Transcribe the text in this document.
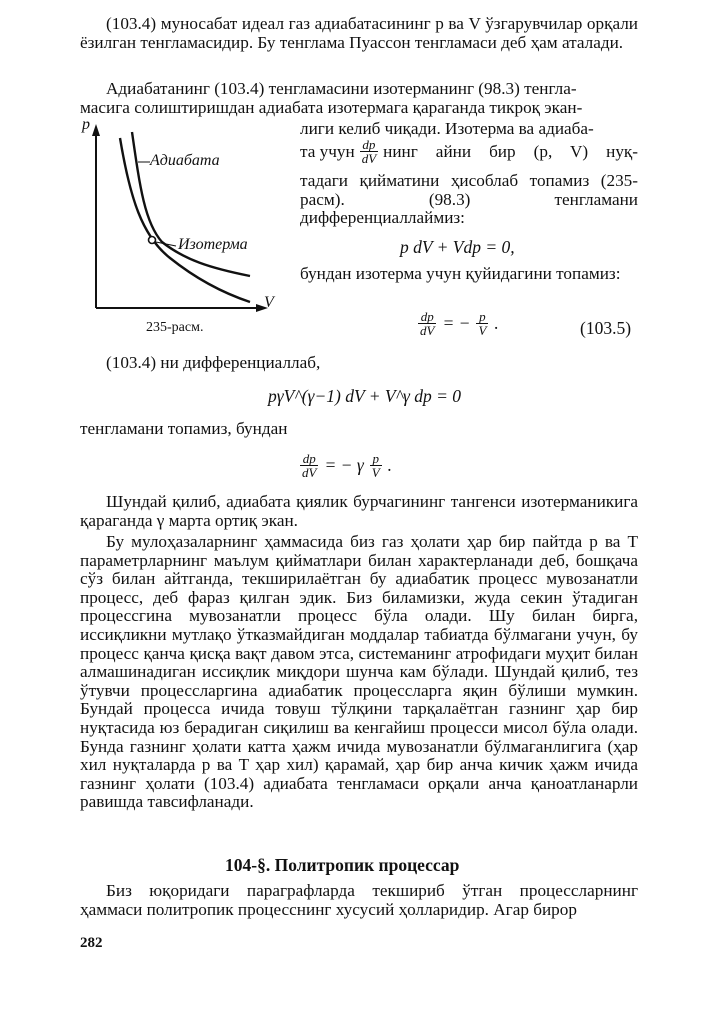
(103.4) муносабат идеал газ адиабатасининг p ва V ўзгарувчилар орқали ёзилган тенгламасидир. Бу тенглама Пуассон тенгламаси деб ҳам аталади.

Адиабатанинг (103.4) тенгламасини изотерманинг (98.3) тенгла-

масига солиштиришдан адиабата изотермага қараганда тикроқ экан-

p
V
Адиабата
Изотерма
235-расм.

лиги келиб чиқади. Изотерма ва адиаба-

та учун $\frac{dp}{dV}$ нинг айни бир (p, V) нуқ-

тадаги қийматини ҳисоблаб топамиз (235-расм). (98.3) тенгламани дифференциаллаймиз:

p dV + Vdp = 0,

бундан изотерма учун қуйидагини топамиз:

$\frac{dp}{dV}$ = − $\frac{p}{V}$ .	(103.5)

(103.4) ни дифференциаллаб,

pγV^(γ−1) dV + V^γ dp = 0

тенгламани топамиз, бундан

$\frac{dp}{dV}$ = − γ $\frac{p}{V}$ .

Шундай қилиб, адиабата қиялик бурчагининг тангенси изотерманикига қараганда γ марта ортиқ экан.

Бу мулоҳазаларнинг ҳаммасида биз газ ҳолати ҳар бир пайтда p ва T параметрларнинг маълум қийматлари билан характерланади деб, бошқача сўз билан айтганда, текширилаётган бу адиабатик процесс мувозанатли процесс, деб фараз қилган эдик. Биз биламизки, жуда секин ўтадиган процессгина мувозанатли процесс бўла олади. Шу билан бирга, иссиқликни мутлақо ўтказмайдиган моддалар табиатда бўлмагани учун, бу процесс қанча қисқа вақт давом этса, системанинг атрофидаги муҳит билан алмашинадиган иссиқлик миқдори шунча кам бўлади. Шундай қилиб, тез ўтувчи процессларгина адиабатик процессларга яқин бўлиши мумкин. Бундай процесса ичида товуш тўлқини тарқалаётган газнинг ҳар бир нуқтасида юз берадиган сиқилиш ва кенгайиш процесси мисол бўла олади. Бунда газнинг ҳолати катта ҳажм ичида мувозанатли бўлмаганлигига (ҳар хил нуқталарда p ва T ҳар хил) қарамай, ҳар бир анча кичик ҳажм ичида газнинг ҳолати (103.4) адиабата тенгламаси орқали анча қаноатланарли равишда тавсифланади.

104-§. Политропик процессар

Биз юқоридаги параграфларда текшириб ўтган процессларнинг ҳаммаси политропик процесснинг хусусий ҳолларидир. Агар бирор

282
